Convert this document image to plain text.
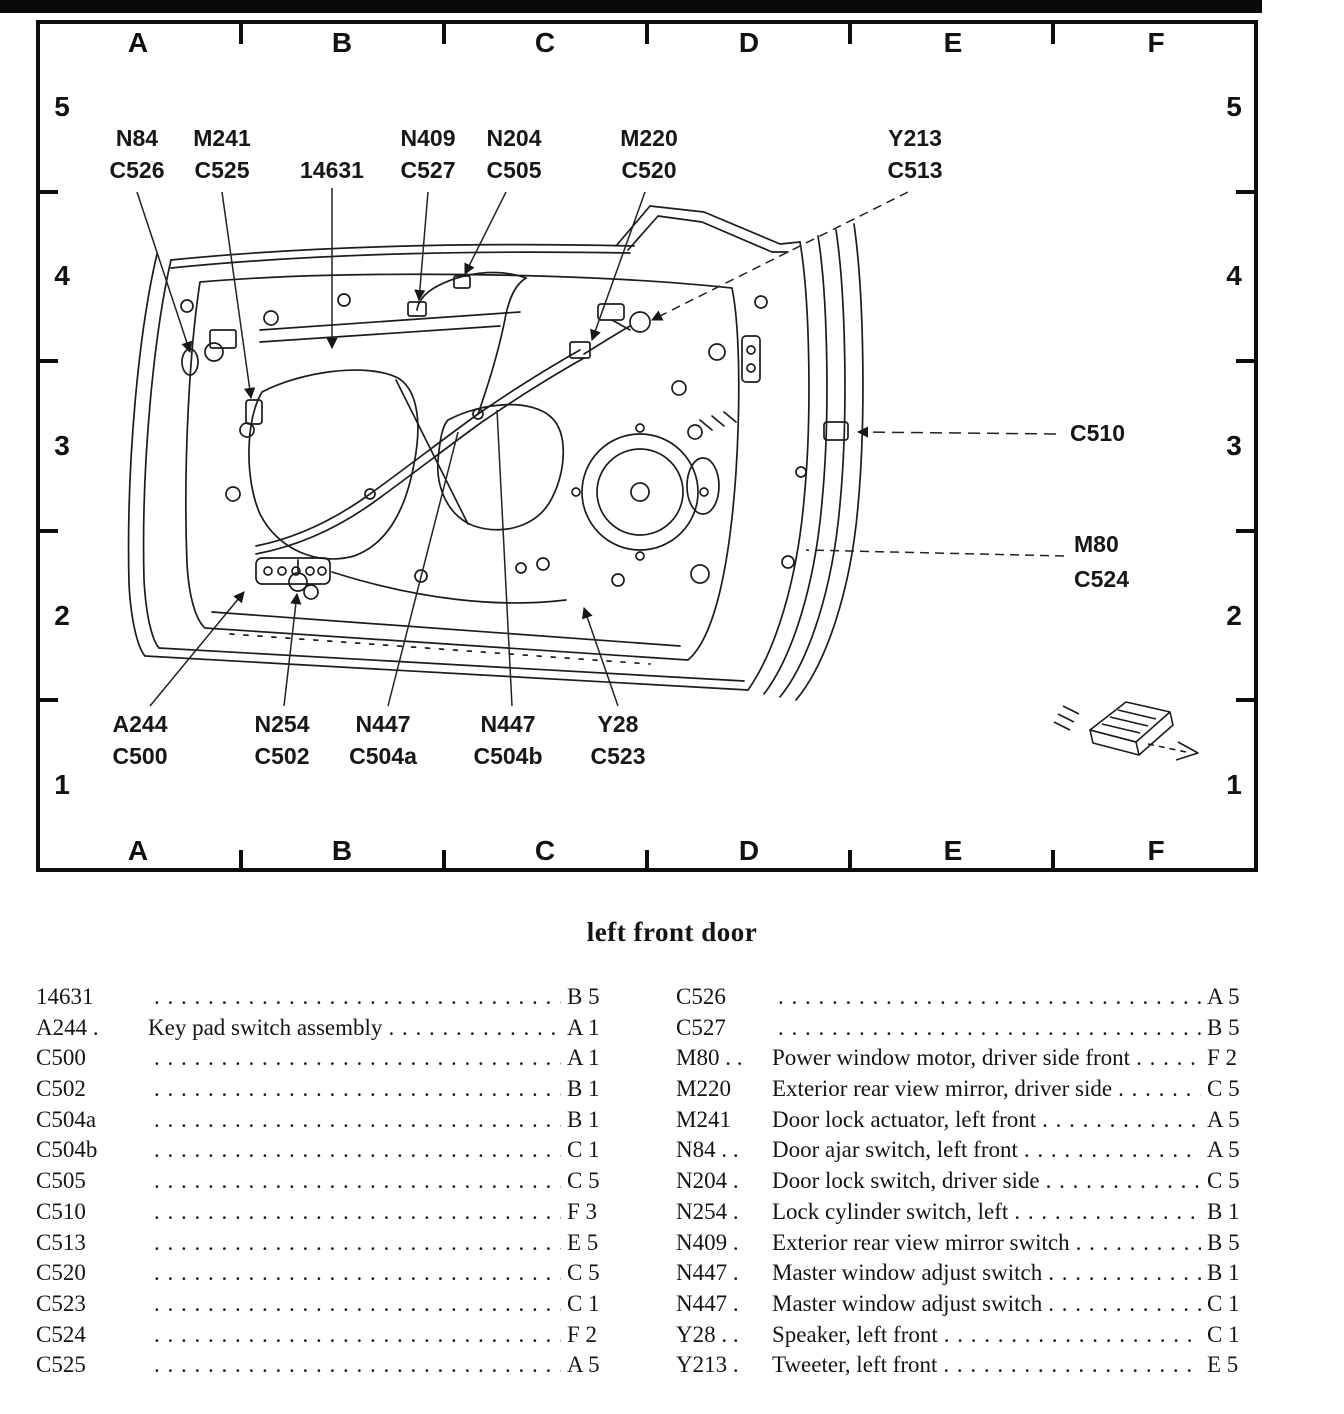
A	B	C	D	E	F
A	B	C	D	E	F
5
4
3
2
1
5
4
3
2
1
N84
C526
M241
C525 14631
N409
C527
N204
C505
M220
C520
Y213
C513
C510
M80
C524
A244
C500
N254
C502
N447
C504a
N447
C504b
Y28
C523
left front door
14631 . . .	B 5
A244 .	Key pad switch assembly . . .	A 1
C500 . . .	A 1
C502 . . .	B 1
C504a . . .	B 1
C504b . . .	C 1
C505 . . .	C 5
C510 . . .	F 3
C513 . . .	E 5
C520 . . .	C 5
C523 . . .	C 1
C524 . . .	F 2
C525 . . .	A 5
C526 . . .	A 5
C527 . . .	B 5
M80 . .	Power window motor, driver side front . . .	F 2
M220	Exterior rear view mirror, driver side . . .	C 5
M241	Door lock actuator, left front . . .	A 5
N84 . .	Door ajar switch, left front . . .	A 5
N204 .	Door lock switch, driver side . . .	C 5
N254 .	Lock cylinder switch, left . . .	B 1
N409 .	Exterior rear view mirror switch . . .	B 5
N447 .	Master window adjust switch . . .	B 1
N447 .	Master window adjust switch . . .	C 1
Y28 . .	Speaker, left front . . .	C 1
Y213 .	Tweeter, left front . . .	E 5
